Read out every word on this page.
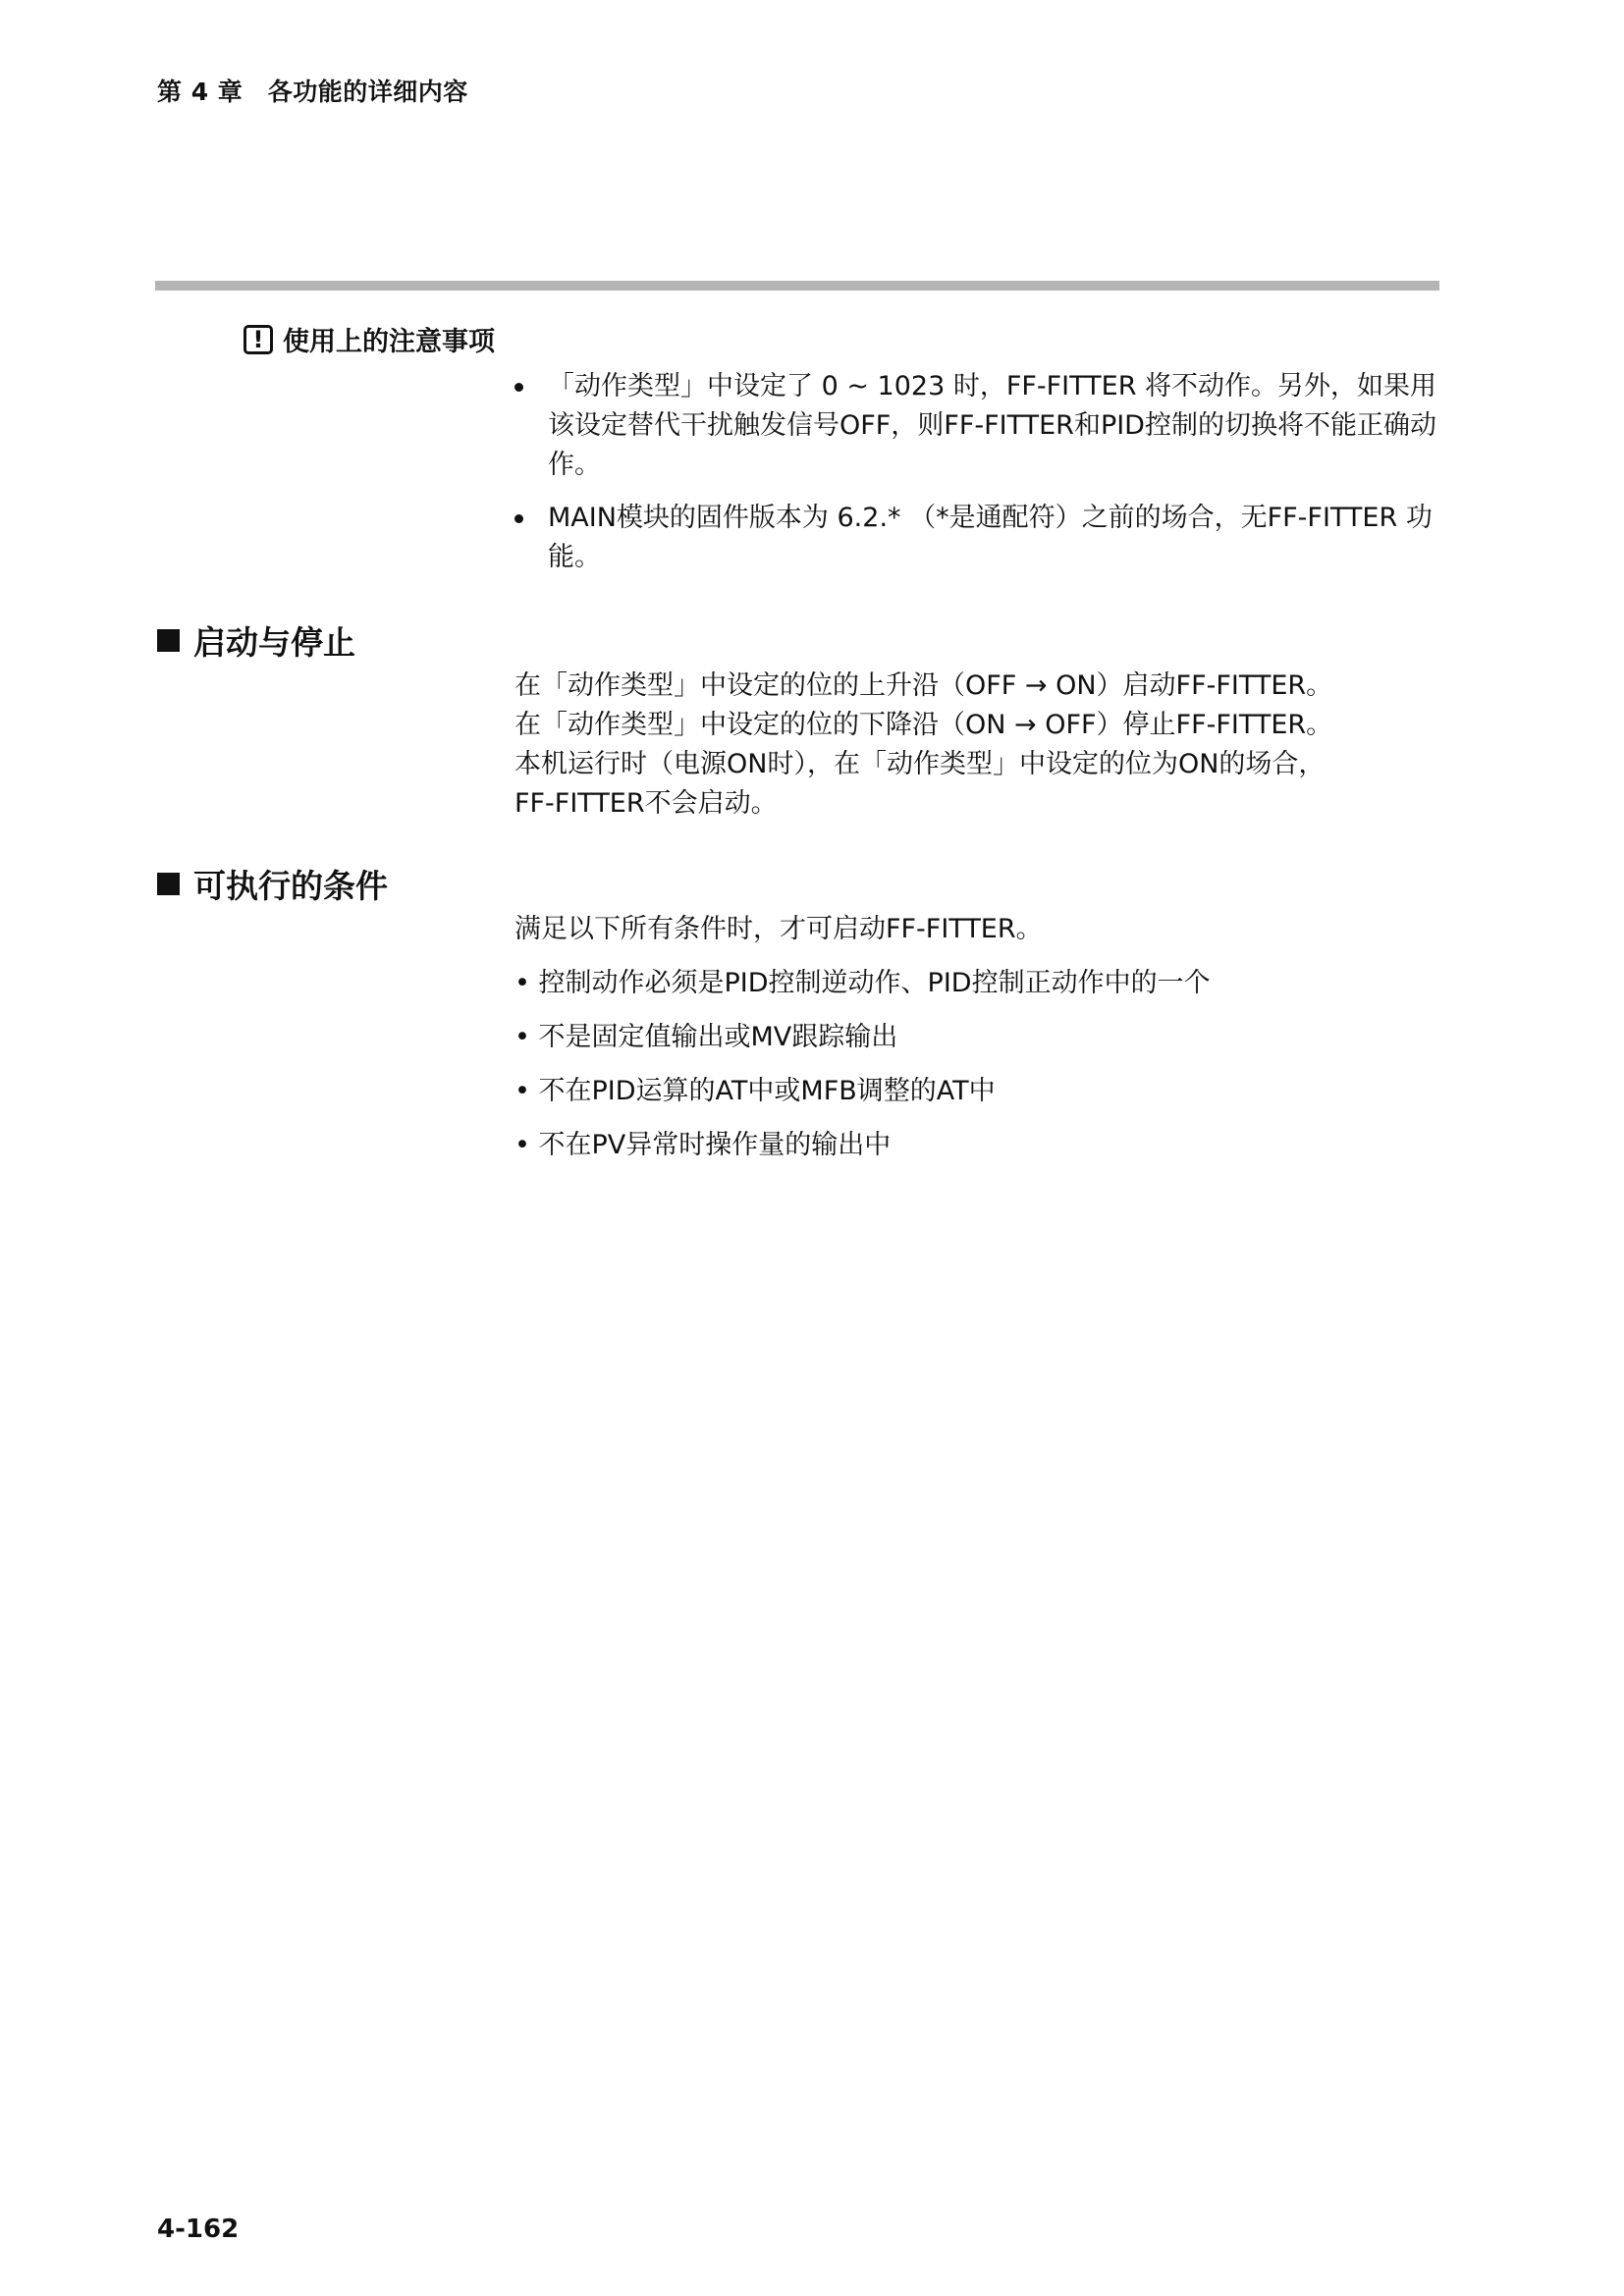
第 4 章　各功能的详细内容
! 使用上的注意事项
「动作类型」中设定了 0 ~ 1023 时，FF-FITTER 将不动作。另外，如果用该设定替代干扰触发信号OFF，则FF-FITTER和PID控制的切换将不能正确动作。
MAIN模块的固件版本为 6.2.* （*是通配符）之前的场合，无FF-FITTER 功能。
启动与停止
在「动作类型」中设定的位的上升沿（OFF → ON）启动FF-FITTER。
在「动作类型」中设定的位的下降沿（ON → OFF）停止FF-FITTER。
本机运行时（电源ON时），在「动作类型」中设定的位为ON的场合，
FF-FITTER不会启动。
可执行的条件
满足以下所有条件时，才可启动FF-FITTER。
• 控制动作必须是PID控制逆动作、PID控制正动作中的一个
• 不是固定值输出或MV跟踪输出
• 不在PID运算的AT中或MFB调整的AT中
• 不在PV异常时操作量的输出中
4-162
